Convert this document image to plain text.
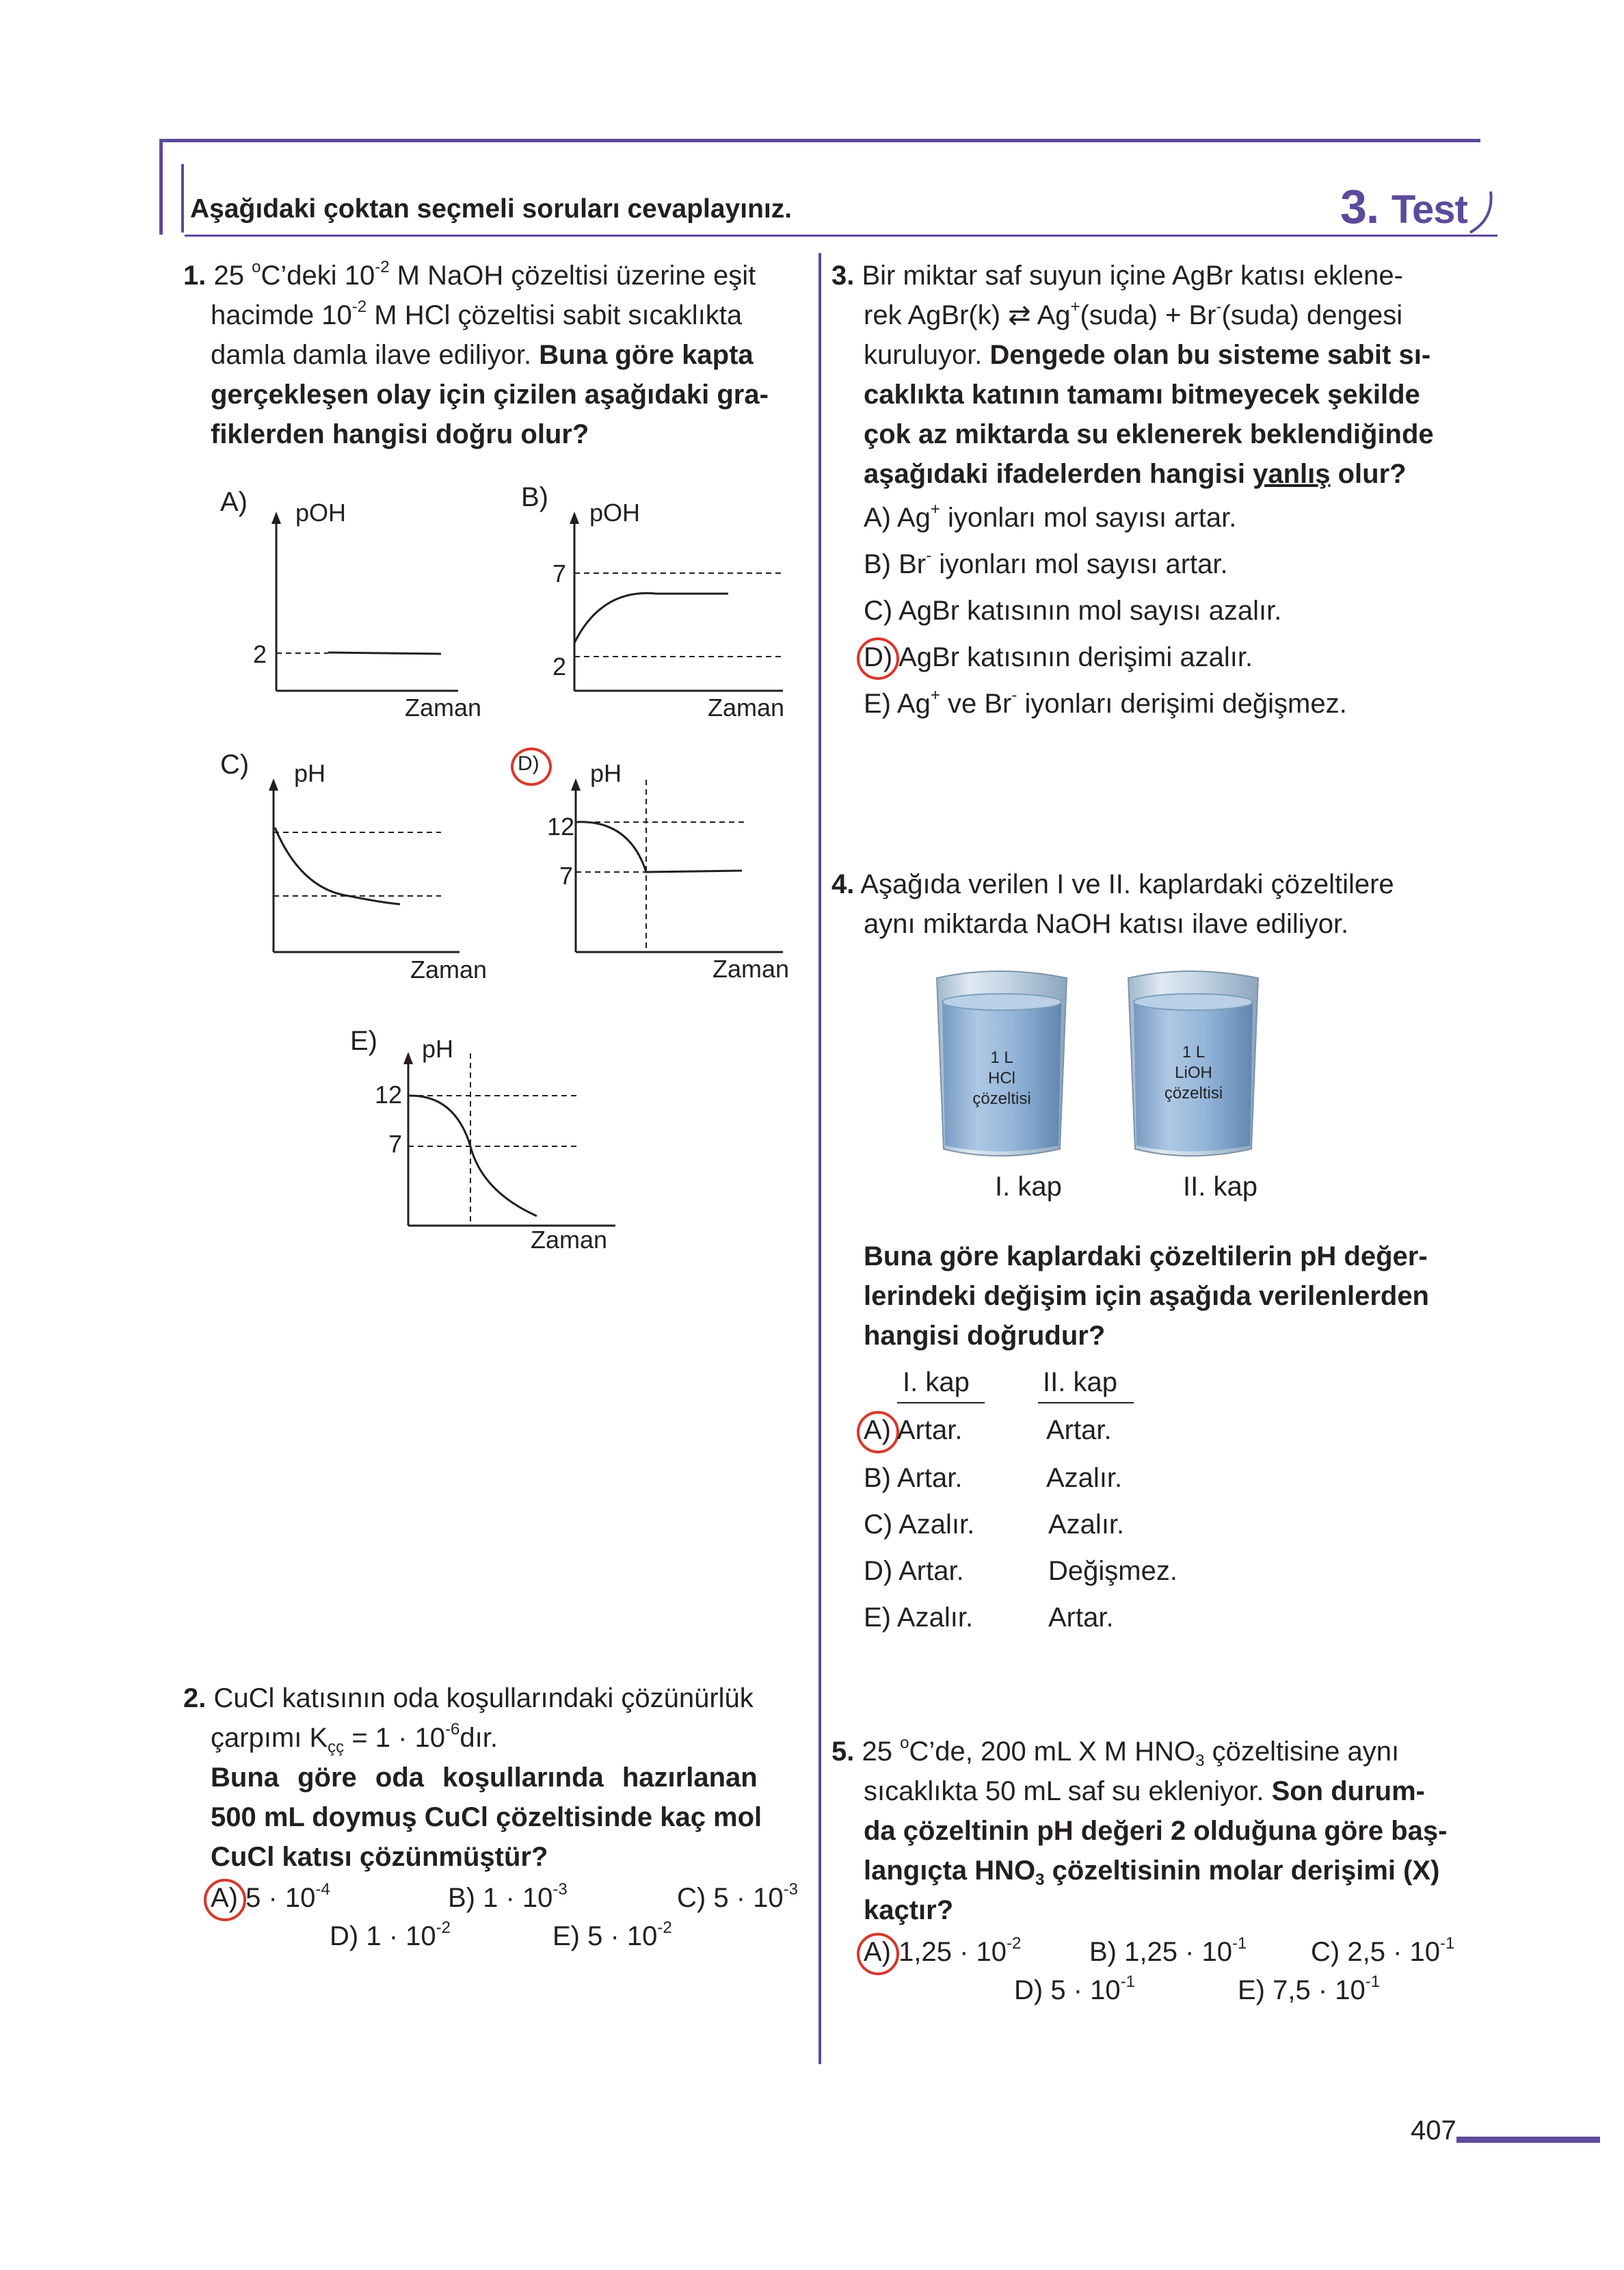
Aşağıdaki çoktan seçmeli soruları cevaplayınız.	3. Test
1. 25 $^o$C’deki $10^{-2}$ M NaOH çözeltisi üzerine eşit
hacimde $10^{-2}$ M HCl çözeltisi sabit sıcaklıkta
damla damla ilave ediliyor. Buna göre kapta
gerçekleşen olay için çizilen aşağıdaki gra-
fiklerden hangisi doğru olur?
A) pOH
2
Zaman
B)
7
2
pOH
Zaman
C) pH
Zaman
D) pH
12
7
Zaman
E) pH
12
7
Zaman
2. CuCl katısının oda koşullarındaki çözünürlük
çarpımı $K_{çç} = 1$ · $10^{-6}dır$.
Buna göre oda koşullarında hazırlanan
500 mL doymuş CuCl çözeltisinde kaç mol
CuCl katısı çözünmüştür?
A) $5 \cdot 10^{-4}$	B) $1 \cdot 10^{-3}$	C) $5 \cdot 10^{-3}$
D) $1 \cdot 10^{-2}$	E) $5 \cdot 10^{-2}$
3. Bir miktar saf suyun içine AgBr katısı eklene-
rek AgBr(k) ⇄ Ag+(suda) + Br-(suda) dengesi
kuruluyor. Dengede olan bu sisteme sabit sı-
caklıkta katının tamamı bitmeyecek şekilde
çok az miktarda su eklenerek beklendiğinde
aşağıdaki ifadelerden hangisi yanlış olur?
A) Ag+ iyonları mol sayısı artar.
B) Br- iyonları mol sayısı artar.
C) AgBr katısının mol sayısı azalır.
D) AgBr katısının derişimi azalır.
E) Ag+ ve Br- iyonları derişimi değişmez.
4. Aşağıda verilen I ve II. kaplardaki çözeltilere
aynı miktarda NaOH katısı ilave ediliyor.
1 L
HCl çözeltisi
1 L
LiOH çözeltisi
I. kap	II. kap
Buna göre kaplardaki çözeltilerin pH değer-
lerindeki değişim için aşağıda verilenlerden
hangisi doğrudur?
I. kap	II. kap
A) Artar.	Artar.
B) Artar.	Azalır.
C) Azalır.	Azalır.
D) Artar.	Değişmez.
E) Azalır.	Artar.
5. 25 $^o$C’de, 200 mL X M $HNO_3$ çözeltisine aynı
sıcaklıkta 50 mL saf su ekleniyor. Son durum-
da çözeltinin pH değeri 2 olduğuna göre baş-
langıçta $HNO_3$ çözeltisinin molar derişimi (X)
kaçtır?
A) $1,25 \cdot 10^{-2}$ B) $1,25 \cdot 10^{-1}$ C) $2,5 \cdot 10^{-1}$
D) $5 \cdot 10^{-1}$	E) $7,5 \cdot 10^{-1}$
407
